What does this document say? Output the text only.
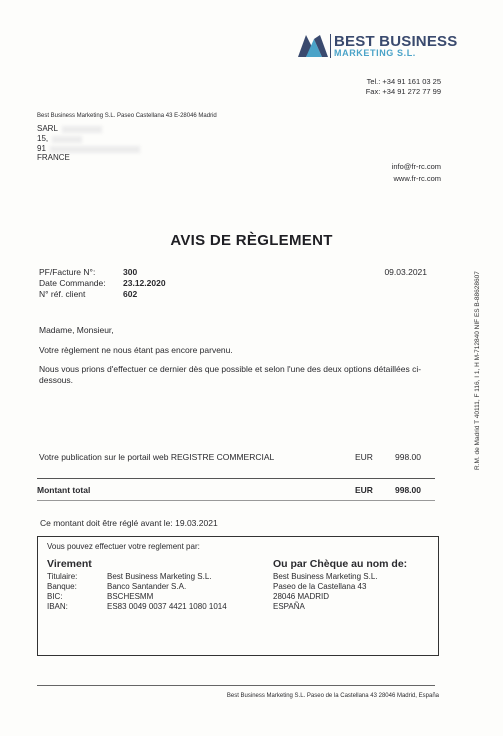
BEST BUSINESS
MARKETING S.L.
Tel.: +34 91 161 03 25
Fax: +34 91 272 77 99
Best Business Marketing S.L. Paseo Castellana 43 E-28046 Madrid
SARL
15,
91
FRANCE
info@fr-rc.com
www.fr-rc.com
AVIS DE RÈGLEMENT
PF/Facture N°:	300
Date Commande: 23.12.2020
N° réf. client	602
09.03.2021
Madame, Monsieur,
Votre règlement ne nous étant pas encore parvenu.
Nous vous prions d'effectuer ce dernier dès que possible et selon l'une des deux options détaillées ci-dessous.
Votre publication sur le portail web REGISTRE COMMERCIAL	EUR	998.00
Montant total	EUR	998.00
Ce montant doit être réglé avant le: 19.03.2021
Vous pouvez effectuer votre reglement par:
Virement
Titulaire:	Best Business Marketing S.L.
Banque:	Banco Santander S.A.
BIC:	BSCHESMM
IBAN:	ES83 0049 0037 4421 1080 1014
Ou par Chèque au nom de:
Best Business Marketing S.L.
Paseo de la Castellana 43
28046 MADRID
ESPAÑA
Best Business Marketing S.L. Paseo de la Castellana 43 28046 Madrid, España
R.M. de Madrid T 40111, F 116, I 1, H M-712840 NIF ES B-88628607
